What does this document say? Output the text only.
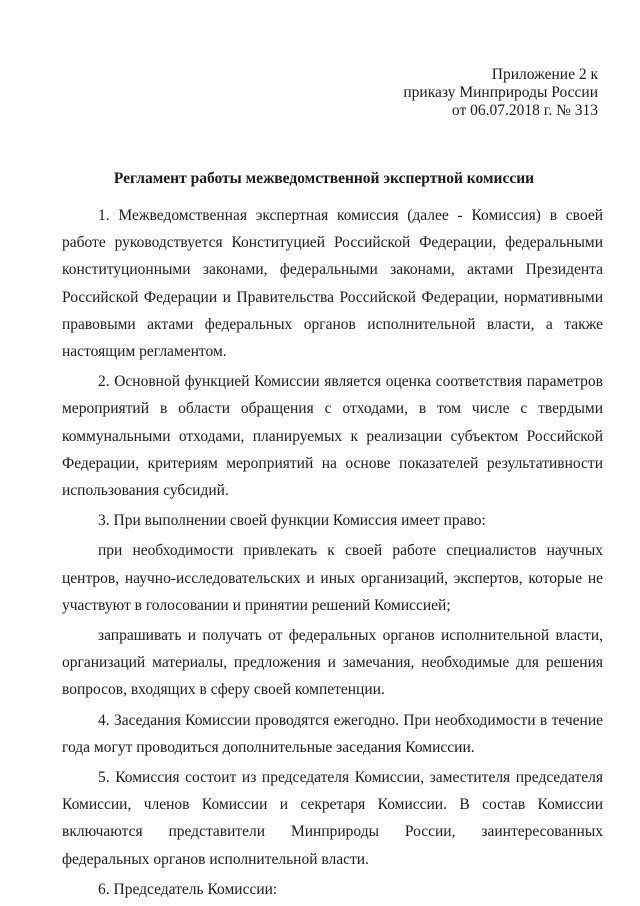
Приложение 2 к
приказу Минприроды России
от 06.07.2018 г. № 313
Регламент работы межведомственной экспертной комиссии

1. Межведомственная экспертная комиссия (далее - Комиссия) в своей работе руководствуется Конституцией Российской Федерации, федеральными конституционными законами, федеральными законами, актами Президента Российской Федерации и Правительства Российской Федерации, нормативными правовыми актами федеральных органов исполнительной власти, а также настоящим регламентом.

2. Основной функцией Комиссии является оценка соответствия параметров мероприятий в области обращения с отходами, в том числе с твердыми коммунальными отходами, планируемых к реализации субъектом Российской Федерации, критериям мероприятий на основе показателей результативности использования субсидий.

3. При выполнении своей функции Комиссия имеет право:

при необходимости привлекать к своей работе специалистов научных центров, научно-исследовательских и иных организаций, экспертов, которые не участвуют в голосовании и принятии решений Комиссией;

запрашивать и получать от федеральных органов исполнительной власти, организаций материалы, предложения и замечания, необходимые для решения вопросов, входящих в сферу своей компетенции.

4. Заседания Комиссии проводятся ежегодно. При необходимости в течение года могут проводиться дополнительные заседания Комиссии.

5. Комиссия состоит из председателя Комиссии, заместителя председателя Комиссии, членов Комиссии и секретаря Комиссии. В состав Комиссии включаются представители Минприроды России, заинтересованных федеральных органов исполнительной власти.

6. Председатель Комиссии:
